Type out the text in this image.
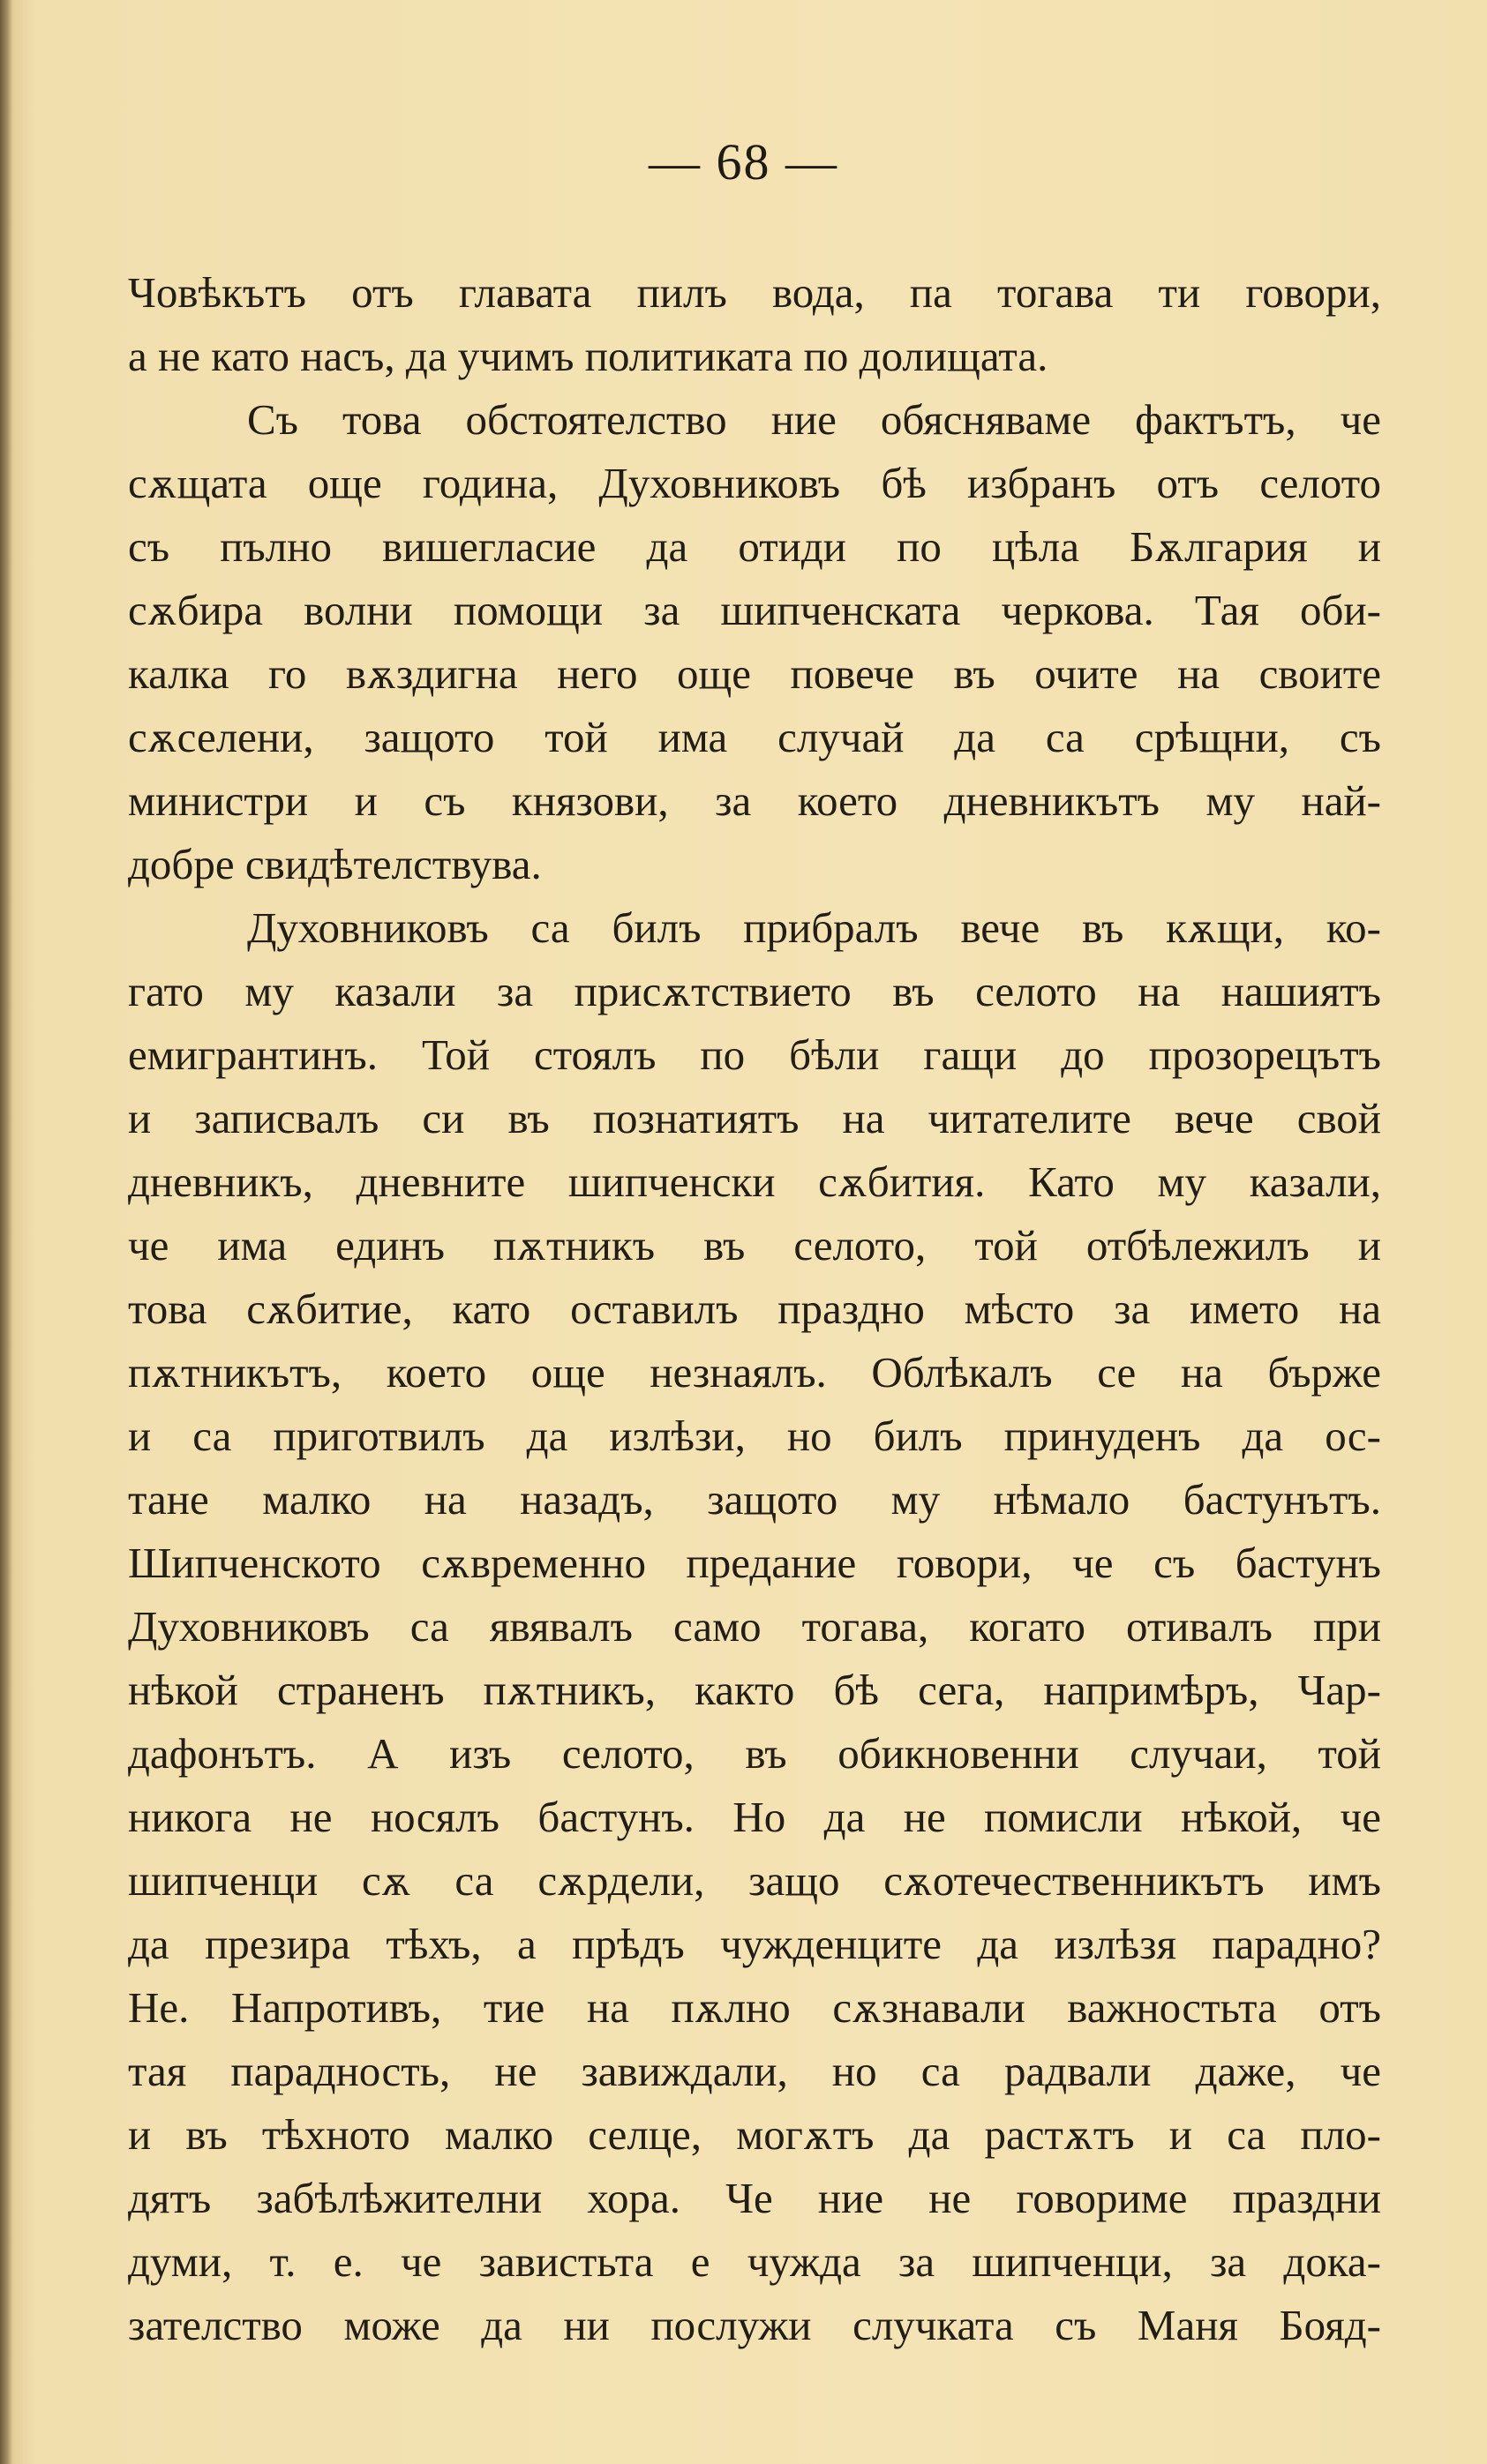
— 68 —
Човѣкътъ отъ главата пилъ вода, па тогава ти говори,
а не като насъ, да учимъ политиката по долищата.
Съ това обстоятелство ние обясняваме фактътъ, че
сѫщата още година, Духовниковъ бѣ избранъ отъ селото
съ пълно вишегласие да отиди по цѣла Бѫлгария и
сѫбира волни помощи за шипченската черкова. Тая оби-
калка го вѫздигна него още повече въ очите на своите
сѫселени, защото той има случай да са срѣщни, съ
министри и съ князови, за което дневникътъ му най-
добре свидѣтелствува.
Духовниковъ са билъ прибралъ вече въ кѫщи, ко-
гато му казали за присѫтствието въ селото на нашиятъ
емигрантинъ. Той стоялъ по бѣли гащи до прозорецътъ
и записвалъ си въ познатиятъ на читателите вече свой
дневникъ, дневните шипченски сѫбития. Като му казали,
че има единъ пѫтникъ въ селото, той отбѣлежилъ и
това сѫбитие, като оставилъ праздно мѣсто за името на
пѫтникътъ, което още незнаялъ. Облѣкалъ се на бърже
и са приготвилъ да излѣзи, но билъ принуденъ да ос-
тане малко на назадъ, защото му нѣмало бастунътъ.
Шипченското сѫвременно предание говори, че съ бастунъ
Духовниковъ са явявалъ само тогава, когато отивалъ при
нѣкой страненъ пѫтникъ, както бѣ сега, напримѣръ, Чар-
дафонътъ. А изъ селото, въ обикновенни случаи, той
никога не носялъ бастунъ. Но да не помисли нѣкой, че
шипченци сѫ са сѫрдели, защо сѫотечественникътъ имъ
да презира тѣхъ, а прѣдъ чужденците да излѣзя парадно?
Не. Напротивъ, тие на пѫлно сѫзнавали важностьта отъ
тая парадность, не завиждали, но са радвали даже, че
и въ тѣхното малко селце, могѫтъ да растѫтъ и са пло-
дятъ забѣлѣжителни хора. Че ние не говориме праздни
думи, т. е. че завистьта е чужда за шипченци, за дока-
зателство може да ни послужи случката съ Маня Бояд-
